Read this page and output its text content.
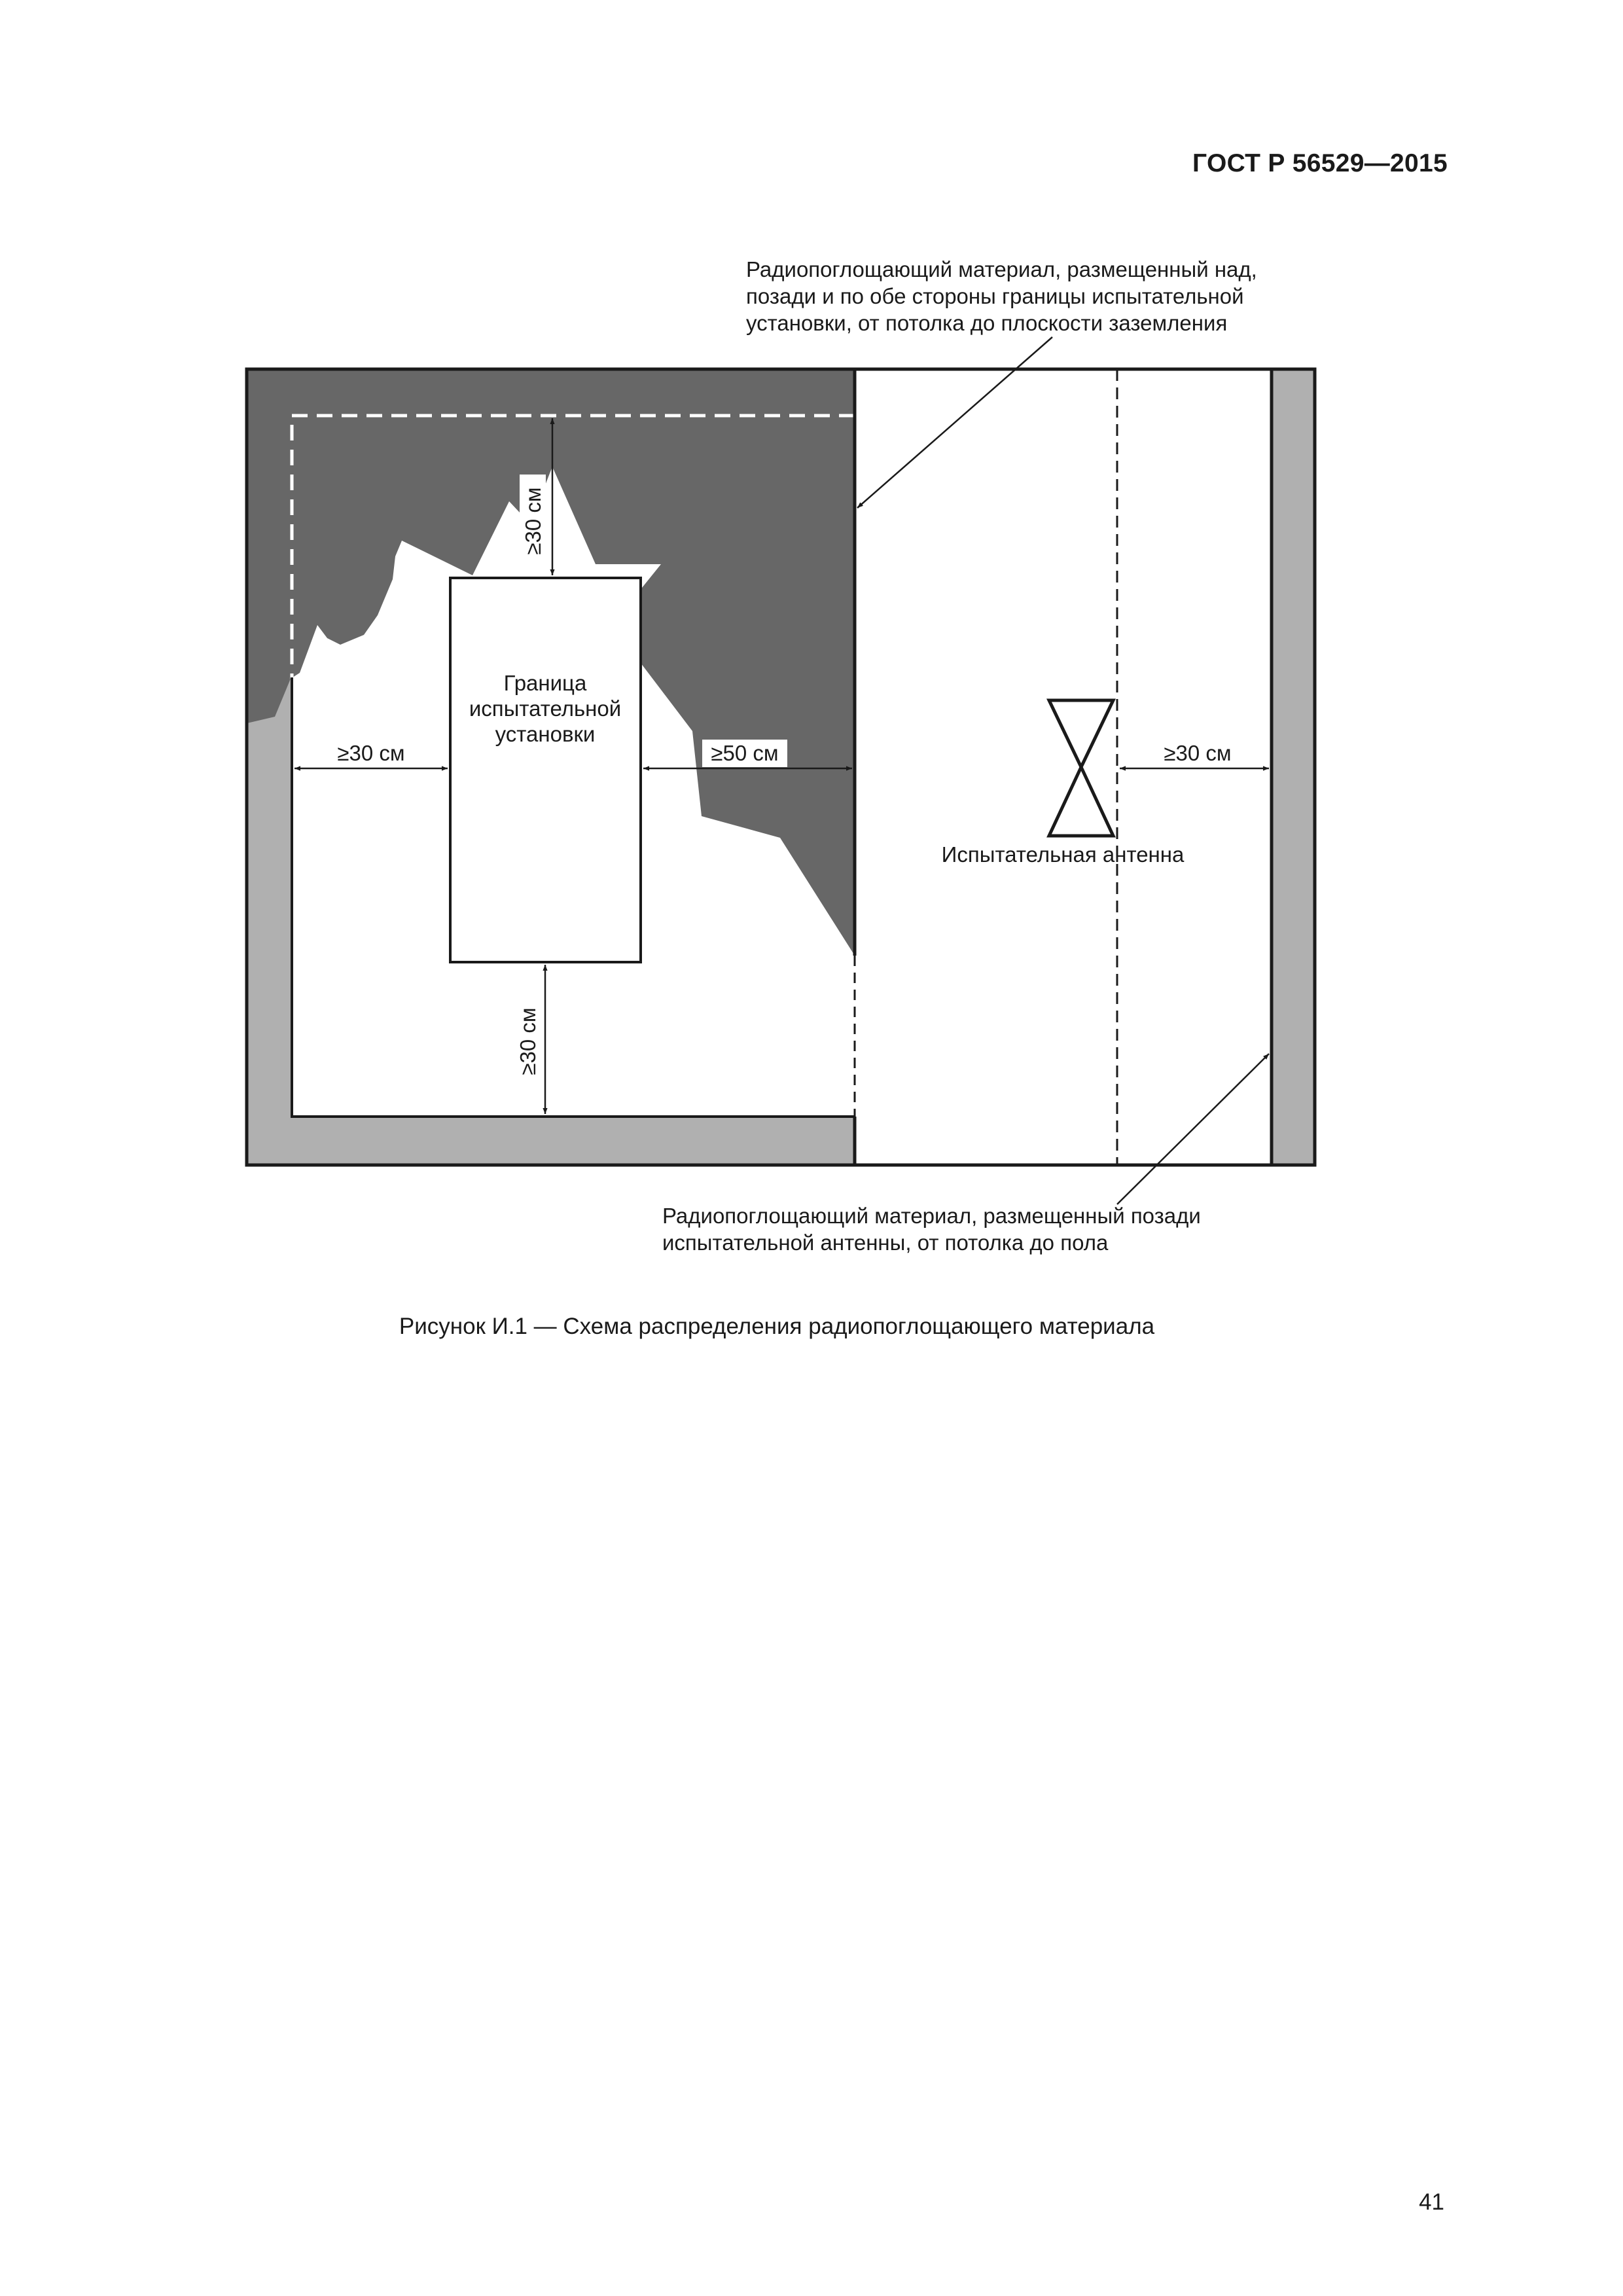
ГОСТ Р 56529—2015
Радиопоглощающий материал, размещенный над,
позади и по обе стороны границы испытательной
установки, от потолка до плоскости заземления
Граница
испытательной
установки
≥30 см	≥50 см	≥30 см
≥30 см
≥30 см
Испытательная антенна
Радиопоглощающий материал, размещенный позади
испытательной антенны, от потолка до пола
Рисунок И.1 — Схема распределения радиопоглощающего материала
41
